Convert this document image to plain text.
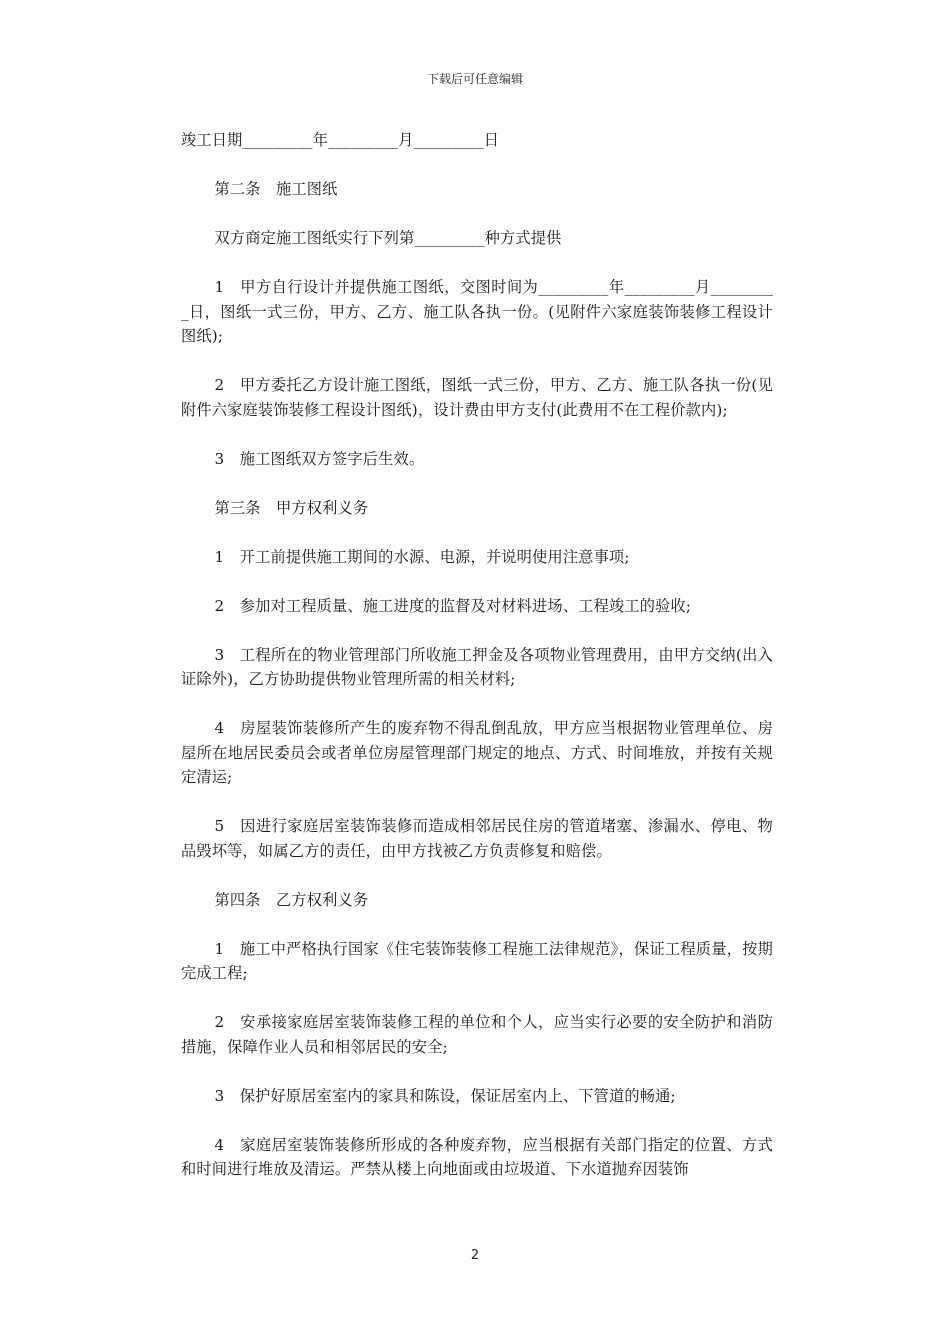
下载后可任意编辑

竣工日期_________年_________月_________日

第二条　施工图纸

双方商定施工图纸实行下列第_________种方式提供

1　甲方自行设计并提供施工图纸，交图时间为_________年_________月_________日，图纸一式三份，甲方、乙方、施工队各执一份。(见附件六家庭装饰装修工程设计图纸);

2　甲方委托乙方设计施工图纸，图纸一式三份，甲方、乙方、施工队各执一份(见附件六家庭装饰装修工程设计图纸)，设计费由甲方支付(此费用不在工程价款内);

3　施工图纸双方签字后生效。

第三条　甲方权利义务

1　开工前提供施工期间的水源、电源，并说明使用注意事项;

2　参加对工程质量、施工进度的监督及对材料进场、工程竣工的验收;

3　工程所在的物业管理部门所收施工押金及各项物业管理费用，由甲方交纳(出入证除外)，乙方协助提供物业管理所需的相关材料;

4　房屋装饰装修所产生的废弃物不得乱倒乱放，甲方应当根据物业管理单位、房屋所在地居民委员会或者单位房屋管理部门规定的地点、方式、时间堆放，并按有关规定清运;

5　因进行家庭居室装饰装修而造成相邻居民住房的管道堵塞、渗漏水、停电、物品毁坏等，如属乙方的责任，由甲方找被乙方负责修复和赔偿。

第四条　乙方权利义务

1　施工中严格执行国家《住宅装饰装修工程施工法律规范》，保证工程质量，按期完成工程;

2　安承接家庭居室装饰装修工程的单位和个人，应当实行必要的安全防护和消防措施，保障作业人员和相邻居民的安全;

3　保护好原居室室内的家具和陈设，保证居室内上、下管道的畅通;

4　家庭居室装饰装修所形成的各种废弃物，应当根据有关部门指定的位置、方式和时间进行堆放及清运。严禁从楼上向地面或由垃圾道、下水道抛弃因装饰

2
